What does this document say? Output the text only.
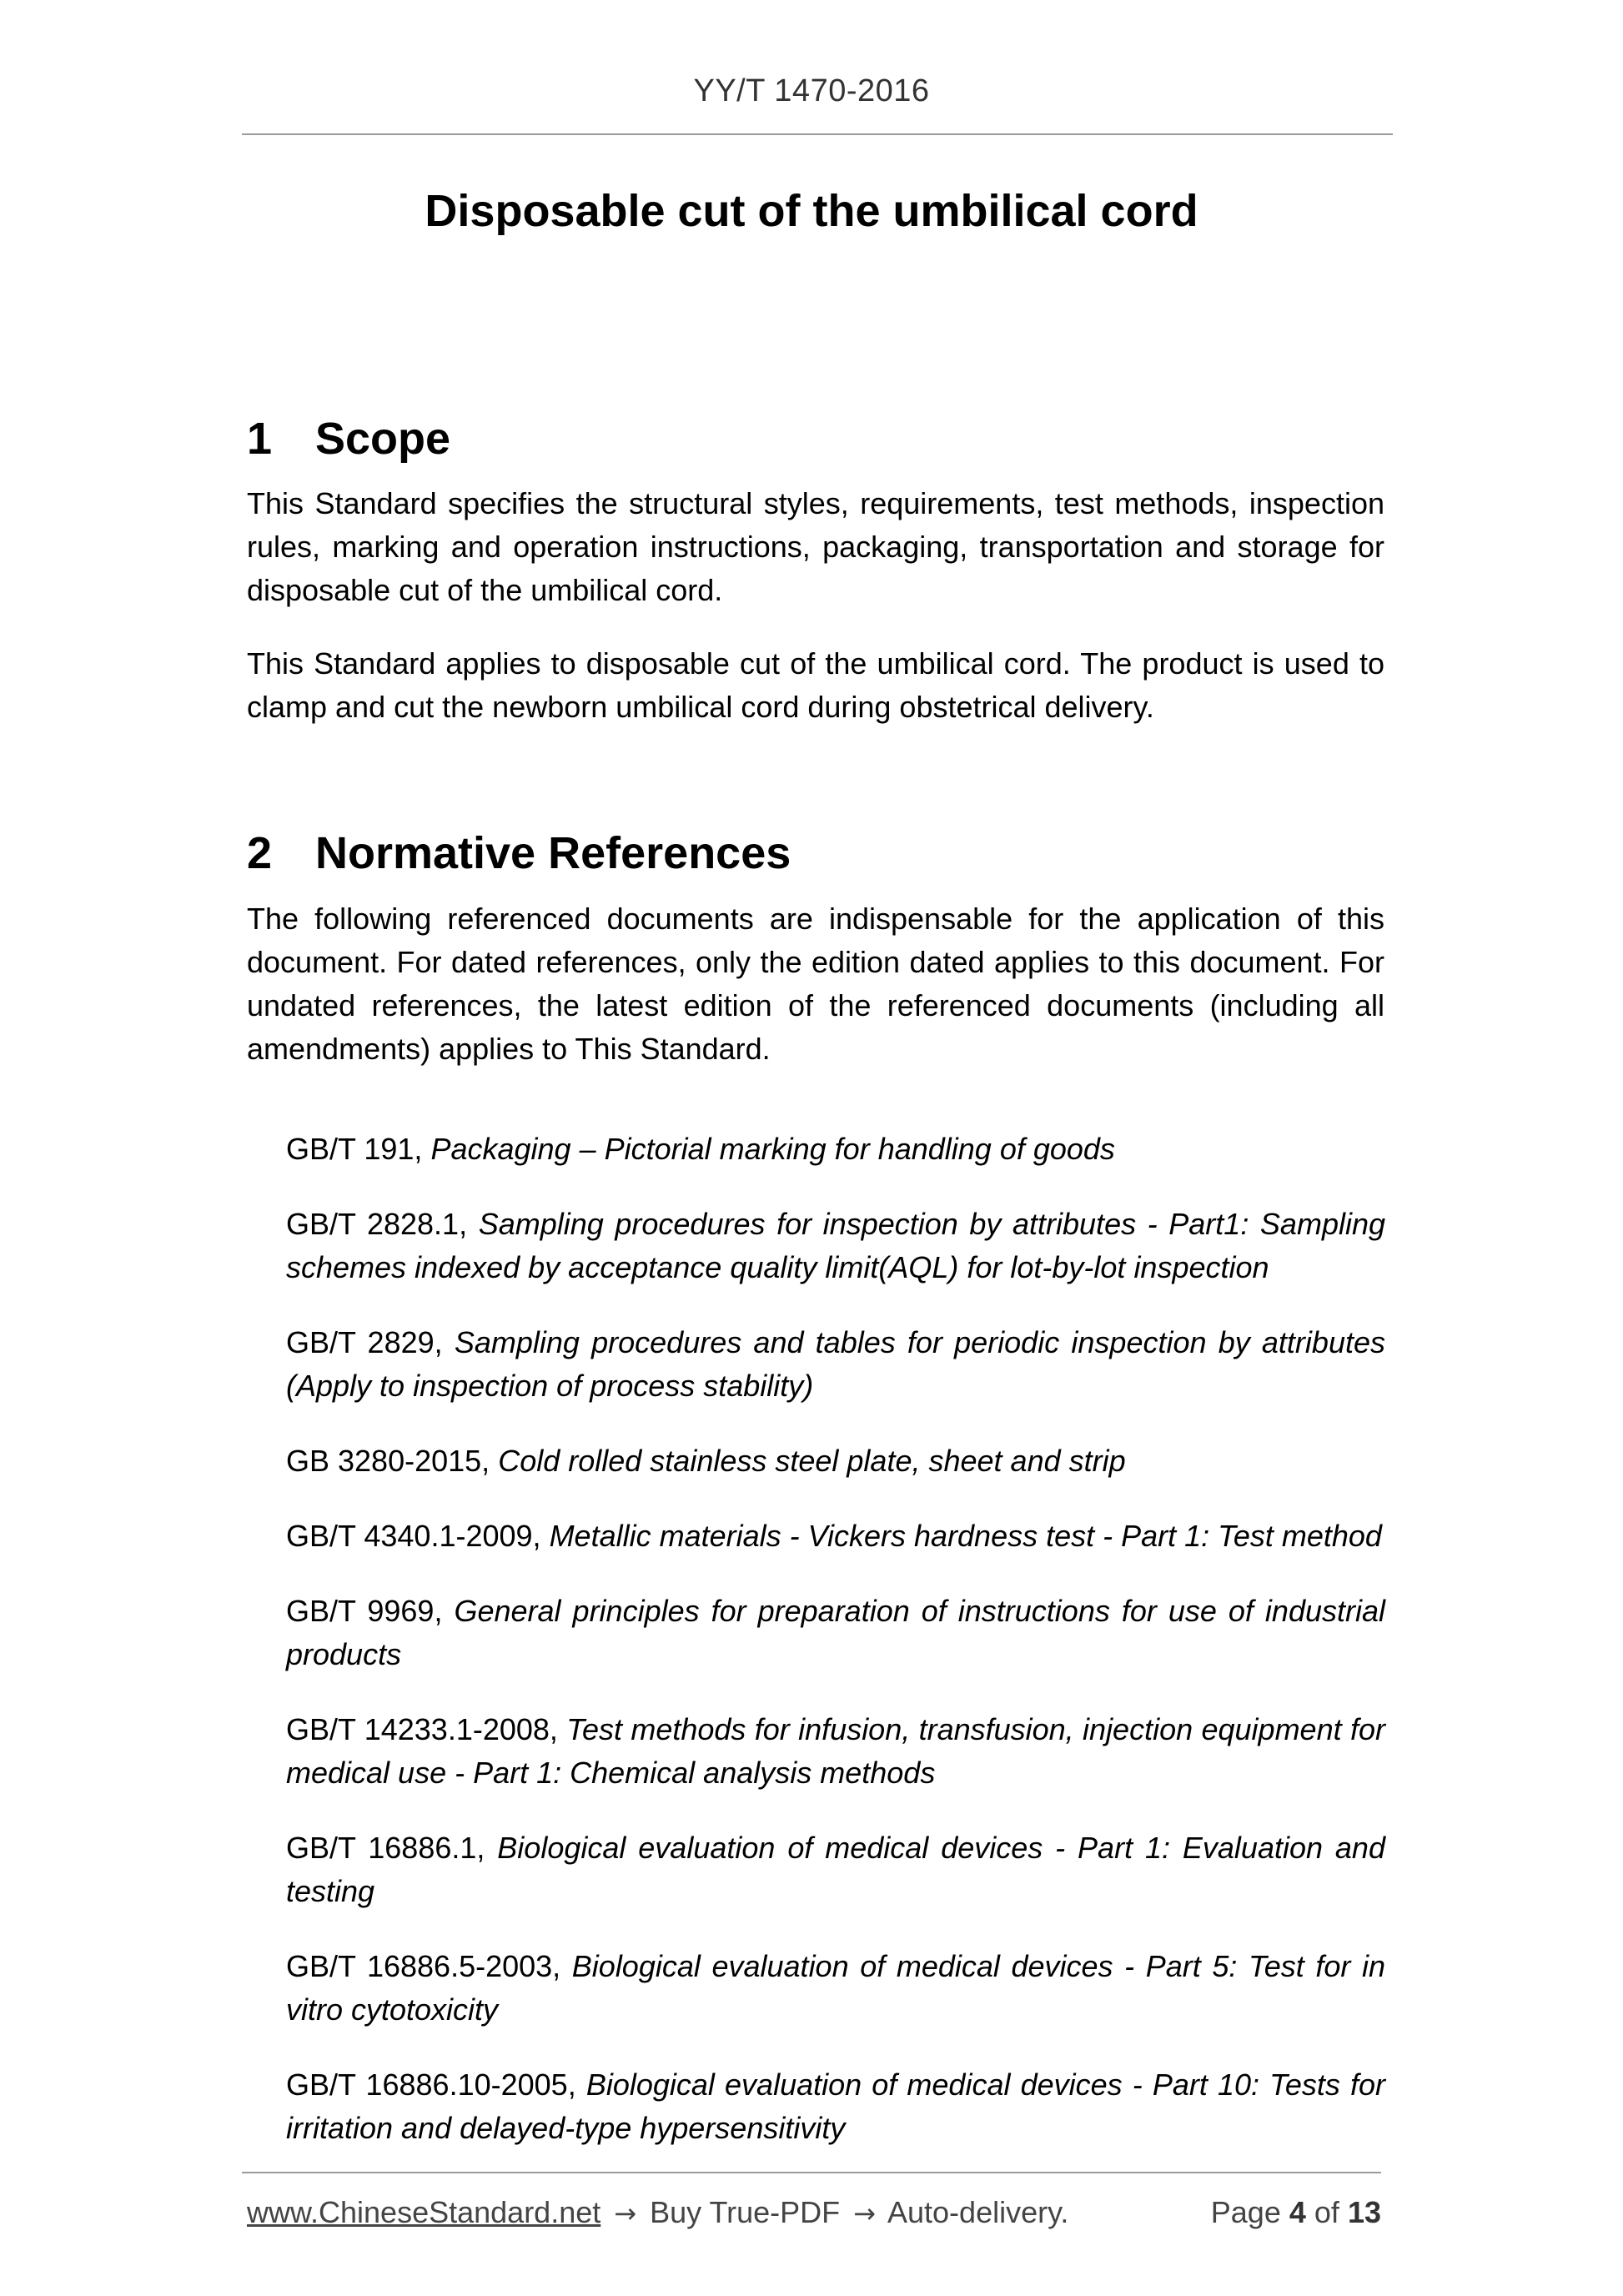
YY/T 1470-2016
Disposable cut of the umbilical cord
1 Scope
This Standard specifies the structural styles, requirements, test methods, inspection rules, marking and operation instructions, packaging, transportation and storage for disposable cut of the umbilical cord.
This Standard applies to disposable cut of the umbilical cord. The product is used to clamp and cut the newborn umbilical cord during obstetrical delivery.
2 Normative References
The following referenced documents are indispensable for the application of this document. For dated references, only the edition dated applies to this document. For undated references, the latest edition of the referenced documents (including all amendments) applies to This Standard.
GB/T 191, Packaging – Pictorial marking for handling of goods
GB/T 2828.1, Sampling procedures for inspection by attributes - Part1: Sampling schemes indexed by acceptance quality limit(AQL) for lot-by-lot inspection
GB/T 2829, Sampling procedures and tables for periodic inspection by attributes (Apply to inspection of process stability)
GB 3280-2015, Cold rolled stainless steel plate, sheet and strip
GB/T 4340.1-2009, Metallic materials - Vickers hardness test - Part 1: Test method
GB/T 9969, General principles for preparation of instructions for use of industrial products
GB/T 14233.1-2008, Test methods for infusion, transfusion, injection equipment for medical use - Part 1: Chemical analysis methods
GB/T 16886.1, Biological evaluation of medical devices - Part 1: Evaluation and testing
GB/T 16886.5-2003, Biological evaluation of medical devices - Part 5: Test for in vitro cytotoxicity
GB/T 16886.10-2005, Biological evaluation of medical devices - Part 10: Tests for irritation and delayed-type hypersensitivity
www.ChineseStandard.net → Buy True-PDF → Auto-delivery.	Page 4 of 13
